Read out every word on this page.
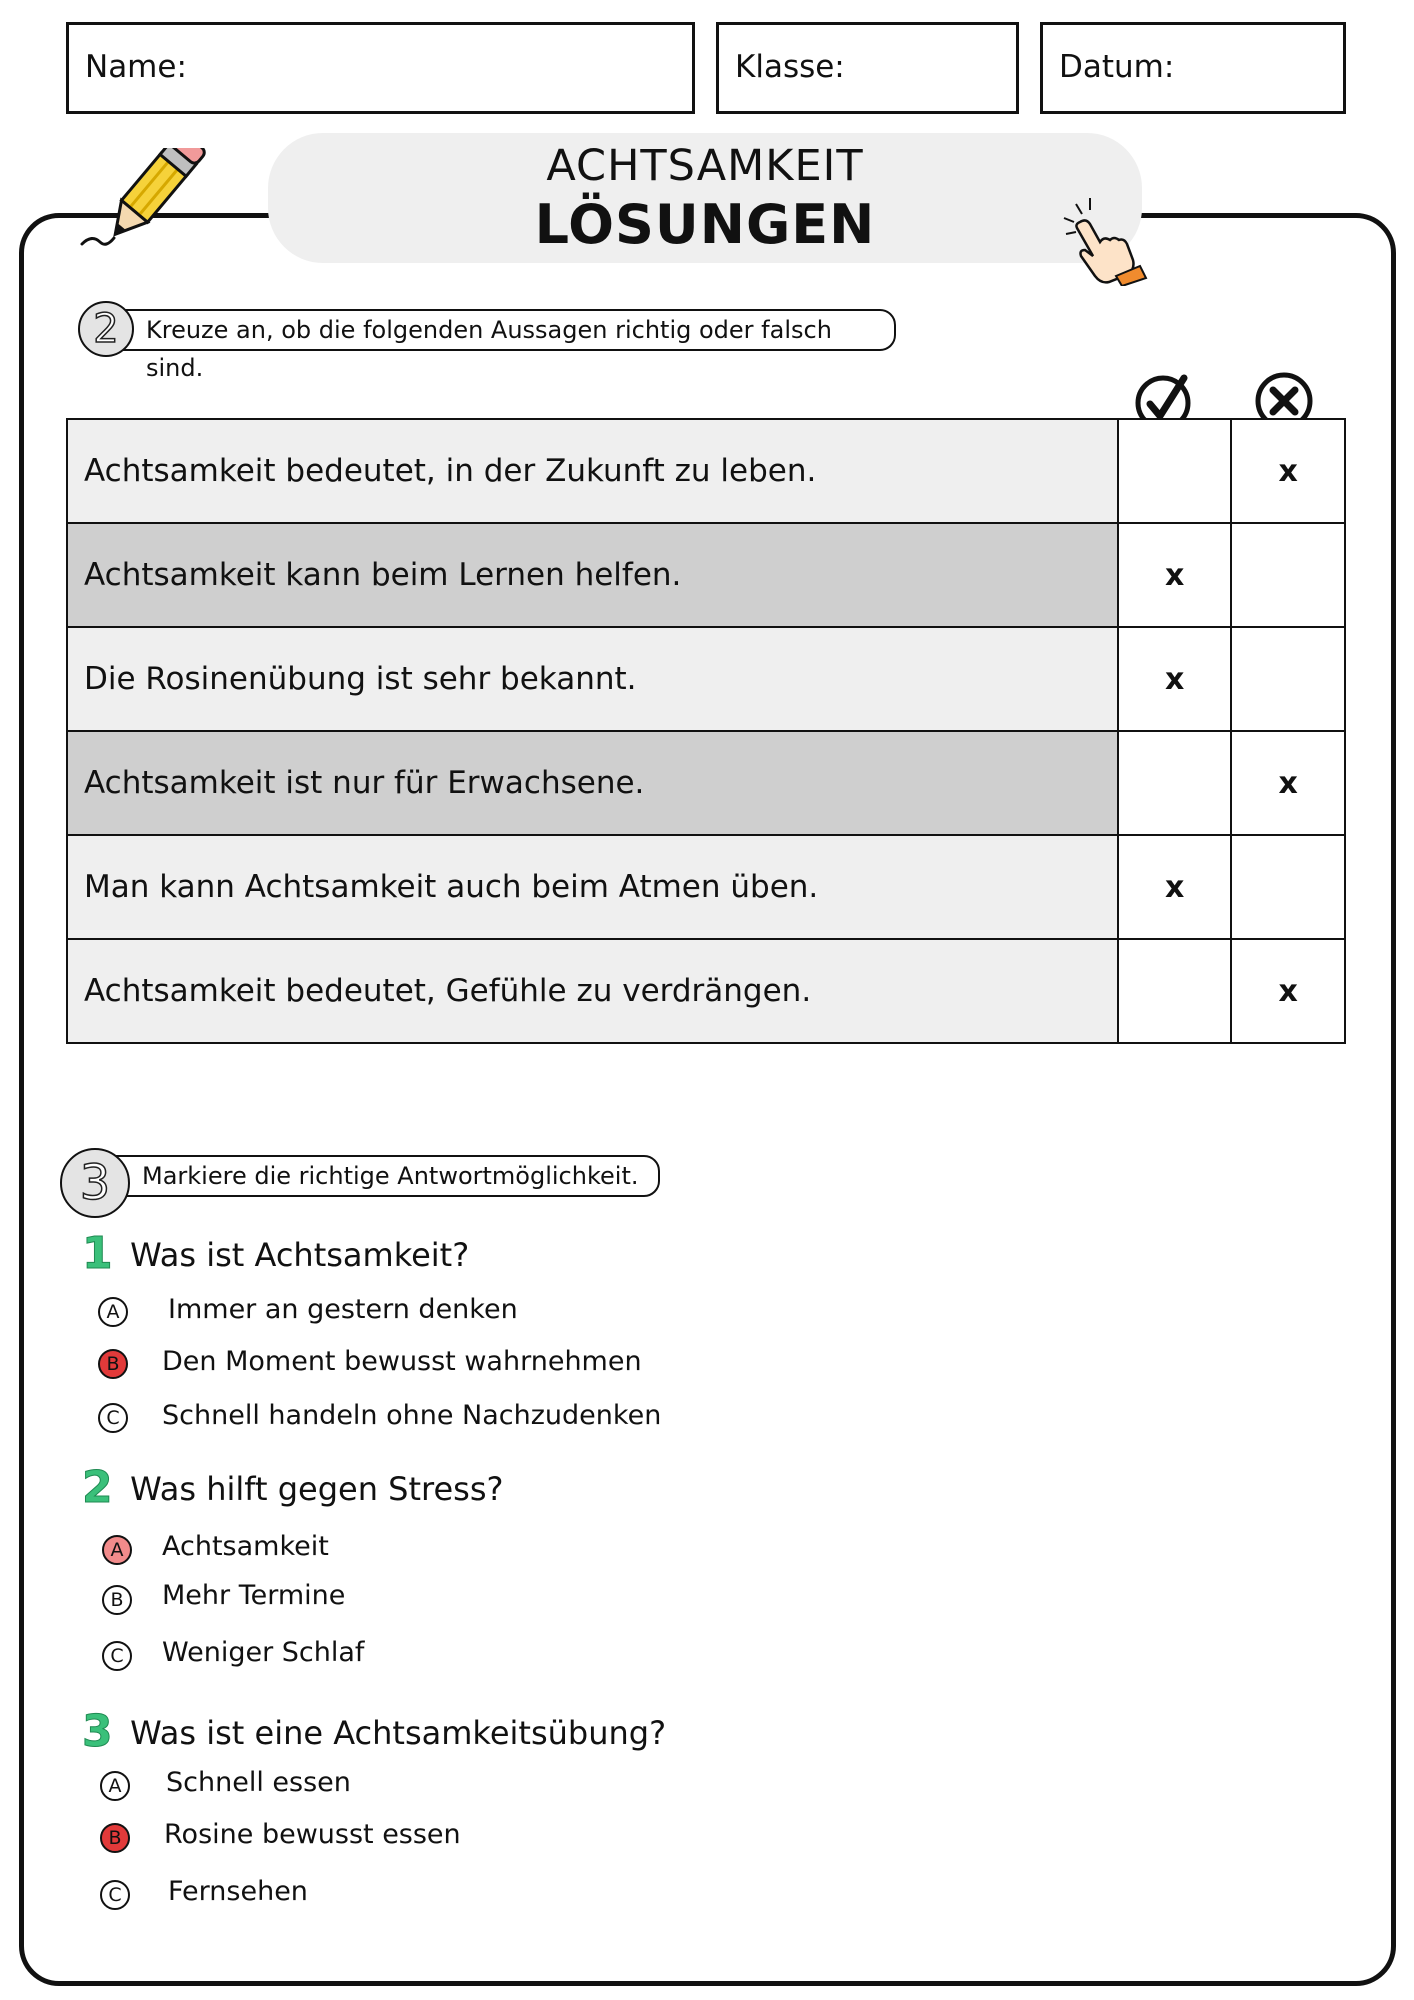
Name:	Klasse:	Datum:
ACHTSAMKEIT
LÖSUNGEN
2	Kreuze an, ob die folgenden Aussagen richtig oder falsch sind.
Achtsamkeit bedeutet, in der Zukunft zu leben.		x
Achtsamkeit kann beim Lernen helfen.	x	
Die Rosinenübung ist sehr bekannt.	x	
Achtsamkeit ist nur für Erwachsene.		x
Man kann Achtsamkeit auch beim Atmen üben.	x	
Achtsamkeit bedeutet, Gefühle zu verdrängen.		x
3	Markiere die richtige Antwortmöglichkeit.
1 Was ist Achtsamkeit?
A	Immer an gestern denken
B	Den Moment bewusst wahrnehmen
C	Schnell handeln ohne Nachzudenken
2 Was hilft gegen Stress?
A	Achtsamkeit
B	Mehr Termine
C	Weniger Schlaf
3 Was ist eine Achtsamkeitsübung?
A	Schnell essen
B	Rosine bewusst essen
C	Fernsehen
